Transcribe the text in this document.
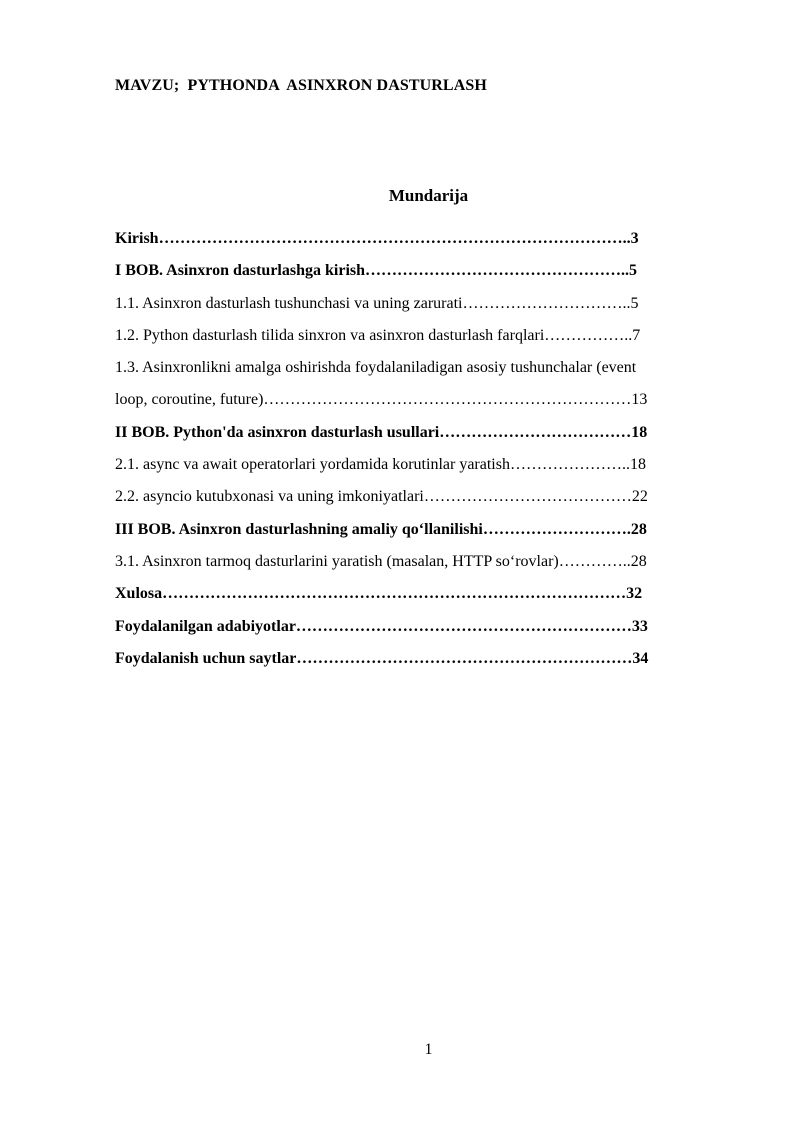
MAVZU;  PYTHONDA  ASINXRON DASTURLASH
Mundarija
Kirish……………………………………………………………………………..3
I BOB. Asinxron dasturlashga kirish…………………………………………..5
1.1. Asinxron dasturlash tushunchasi va uning zarurati…………………………..5
1.2. Python dasturlash tilida sinxron va asinxron dasturlash farqlari……………..7
1.3. Asinxronlikni amalga oshirishda foydalaniladigan asosiy tushunchalar (event
loop, coroutine, future)……………………………………………………………13
II BOB. Python'da asinxron dasturlash usullari………………………………18
2.1. async va await operatorlari yordamida korutinlar yaratish…………………..18
2.2. asyncio kutubxonasi va uning imkoniyatlari…………………………………22
III BOB. Asinxron dasturlashning amaliy qo‘llanilishi……………………….28
3.1. Asinxron tarmoq dasturlarini yaratish (masalan, HTTP so‘rovlar)…………..28
Xulosa……………………………………………………………………………32
Foydalanilgan adabiyotlar………………………………………………………33
Foydalanish uchun saytlar………………………………………………………34
1
